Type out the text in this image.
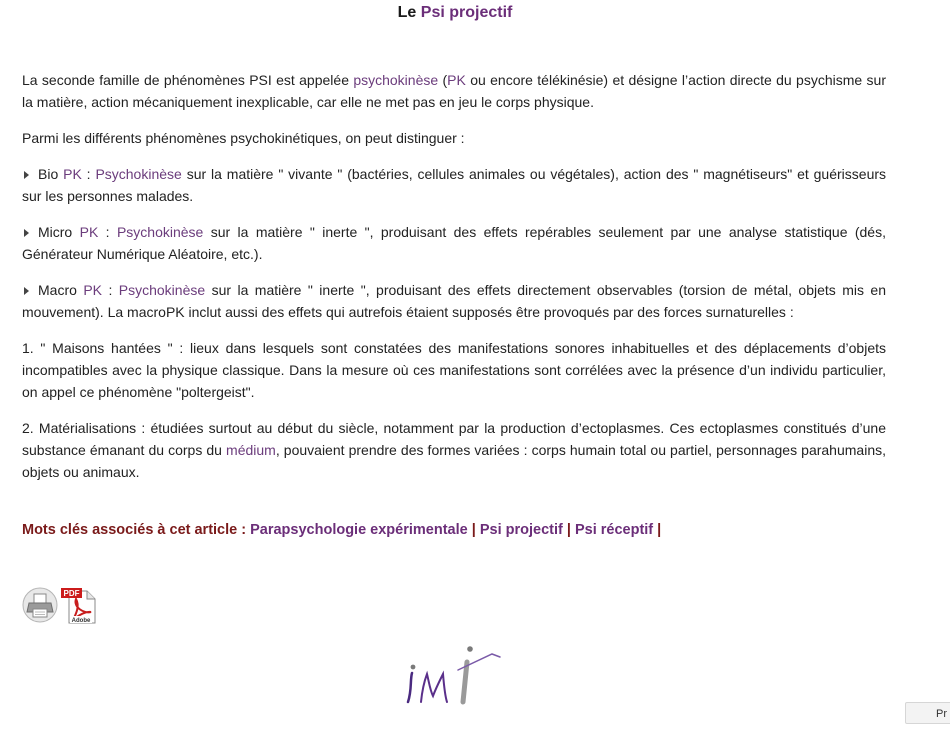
Le Psi projectif

La seconde famille de phénomènes PSI est appelée psychokinèse (PK ou encore télékinésie) et désigne l’action directe du psychisme sur la matière, action mécaniquement inexplicable, car elle ne met pas en jeu le corps physique.

Parmi les différents phénomènes psychokinétiques, on peut distinguer :

Bio PK : Psychokinèse sur la matière " vivante " (bactéries, cellules animales ou végétales), action des " magnétiseurs" et guérisseurs sur les personnes malades.

Micro PK : Psychokinèse sur la matière " inerte ", produisant des effets repérables seulement par une analyse statistique (dés, Générateur Numérique Aléatoire, etc.).

Macro PK : Psychokinèse sur la matière " inerte ", produisant des effets directement observables (torsion de métal, objets mis en mouvement). La macroPK inclut aussi des effets qui autrefois étaient supposés être provoqués par des forces surnaturelles :

1. " Maisons hantées " : lieux dans lesquels sont constatées des manifestations sonores inhabituelles et des déplacements d’objets incompatibles avec la physique classique. Dans la mesure où ces manifestations sont corrélées avec la présence d’un individu particulier, on appel ce phénomène "poltergeist".

2. Matérialisations : étudiées surtout au début du siècle, notamment par la production d’ectoplasmes. Ces ectoplasmes constitués d’une substance émanant du corps du médium, pouvaient prendre des formes variées : corps humain total ou partiel, personnages parahumains, objets ou animaux.

Mots clés associés à cet article : Parapsychologie expérimentale | Psi projectif | Psi réceptif |
PDF
Adobe
Pr
